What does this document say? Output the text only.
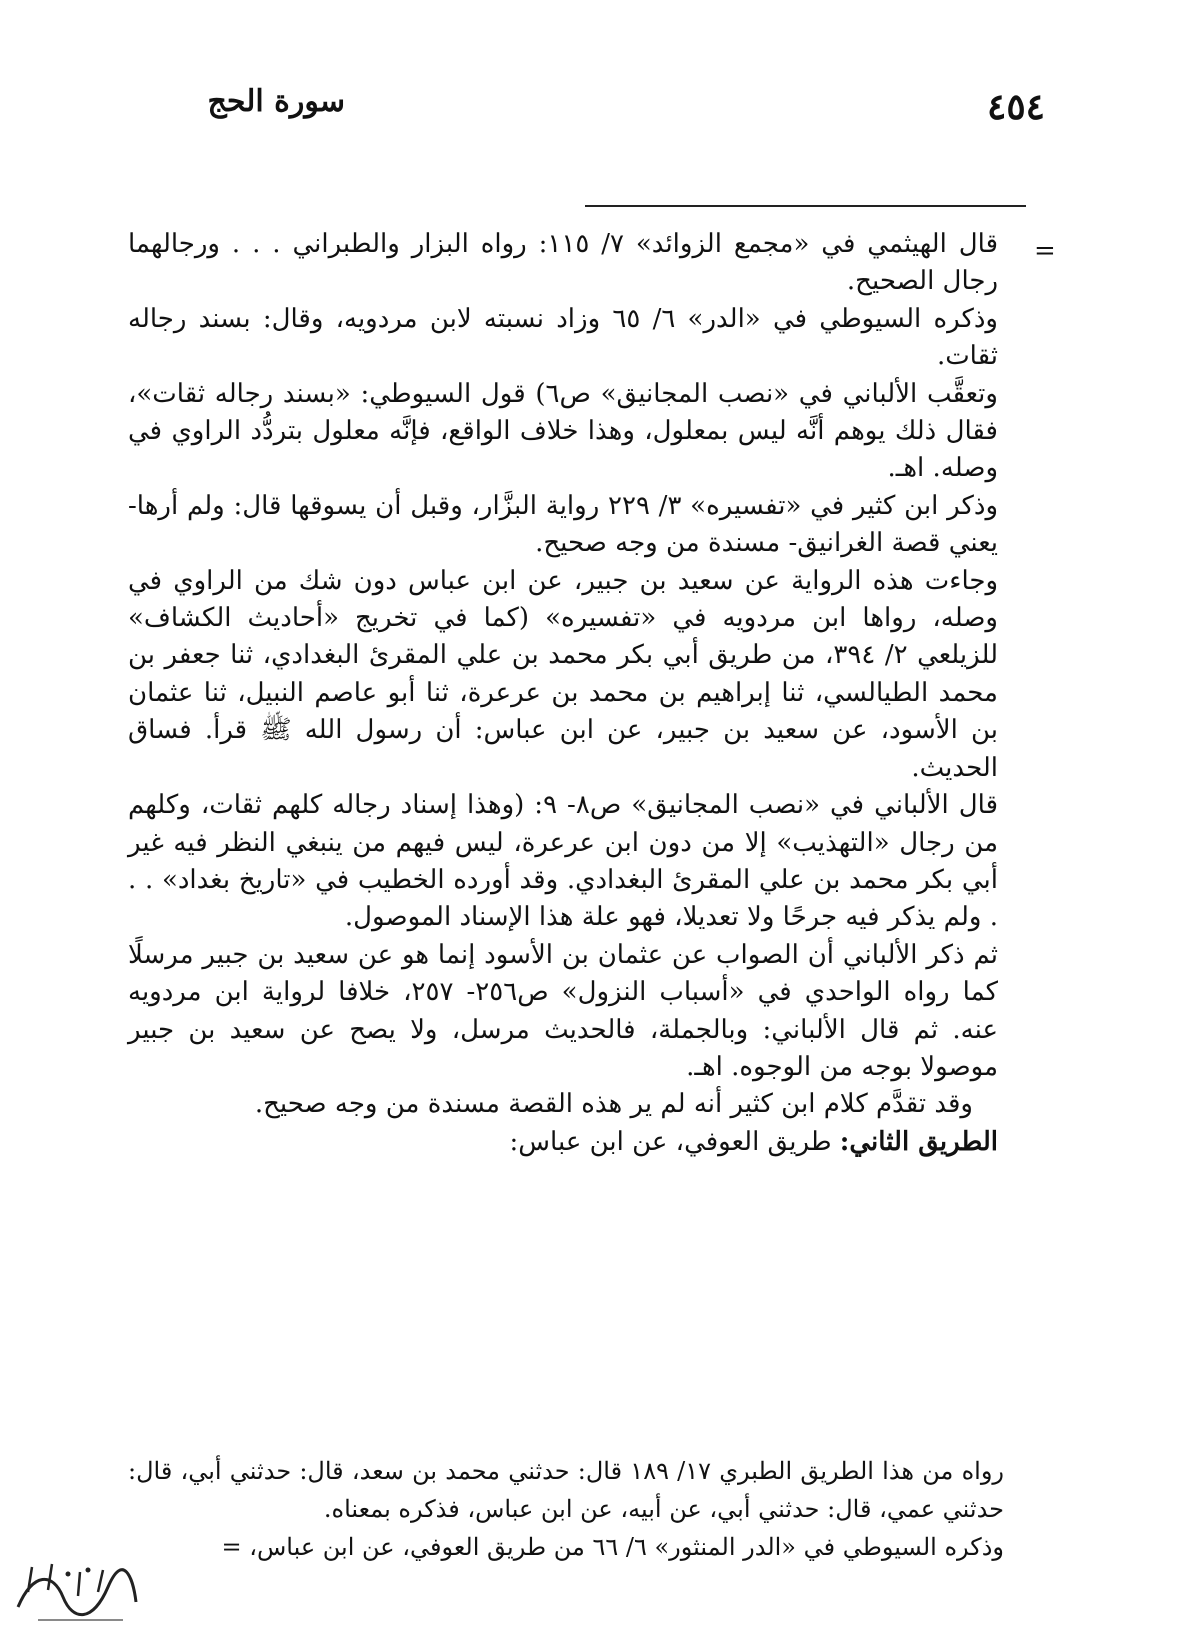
سورة الحج	٤٥٤
=

قال الهيثمي في «مجمع الزوائد» ٧/ ١١٥: رواه البزار والطبراني . . . ورجالهما رجال الصحيح.

وذكره السيوطي في «الدر» ٦/ ٦٥ وزاد نسبته لابن مردويه، وقال: بسند رجاله ثقات.

وتعقَّب الألباني في «نصب المجانيق» ص٦) قول السيوطي: «بسند رجاله ثقات»، فقال ذلك يوهم أنَّه ليس بمعلول، وهذا خلاف الواقع، فإنَّه معلول بتردُّد الراوي في وصله. اهـ.

وذكر ابن كثير في «تفسيره» ٣/ ٢٢٩ رواية البزَّار، وقبل أن يسوقها قال: ولم أرها- يعني قصة الغرانيق- مسندة من وجه صحيح.

وجاءت هذه الرواية عن سعيد بن جبير، عن ابن عباس دون شك من الراوي في وصله، رواها ابن مردويه في «تفسيره» (كما في تخريج «أحاديث الكشاف» للزيلعي ٢/ ٣٩٤، من طريق أبي بكر محمد بن علي المقرئ البغدادي، ثنا جعفر بن محمد الطيالسي، ثنا إبراهيم بن محمد بن عرعرة، ثنا أبو عاصم النبيل، ثنا عثمان بن الأسود، عن سعيد بن جبير، عن ابن عباس: أن رسول الله ﷺ قرأ. فساق الحديث.

قال الألباني في «نصب المجانيق» ص٨- ٩: (وهذا إسناد رجاله كلهم ثقات، وكلهم من رجال «التهذيب» إلا من دون ابن عرعرة، ليس فيهم من ينبغي النظر فيه غير أبي بكر محمد بن علي المقرئ البغدادي. وقد أورده الخطيب في «تاريخ بغداد» . . . ولم يذكر فيه جرحًا ولا تعديلا، فهو علة هذا الإسناد الموصول.

ثم ذكر الألباني أن الصواب عن عثمان بن الأسود إنما هو عن سعيد بن جبير مرسلًا كما رواه الواحدي في «أسباب النزول» ص٢٥٦- ٢٥٧، خلافا لرواية ابن مردويه عنه. ثم قال الألباني: وبالجملة، فالحديث مرسل، ولا يصح عن سعيد بن جبير موصولا بوجه من الوجوه. اهـ.

وقد تقدَّم كلام ابن كثير أنه لم ير هذه القصة مسندة من وجه صحيح.

الطريق الثاني: طريق العوفي، عن ابن عباس:

رواه من هذا الطريق الطبري ١٧/ ١٨٩ قال: حدثني محمد بن سعد، قال: حدثني أبي، قال: حدثني عمي، قال: حدثني أبي، عن أبيه، عن ابن عباس، فذكره بمعناه.

وذكره السيوطي في «الدر المنثور» ٦/ ٦٦ من طريق العوفي، عن ابن عباس، =
